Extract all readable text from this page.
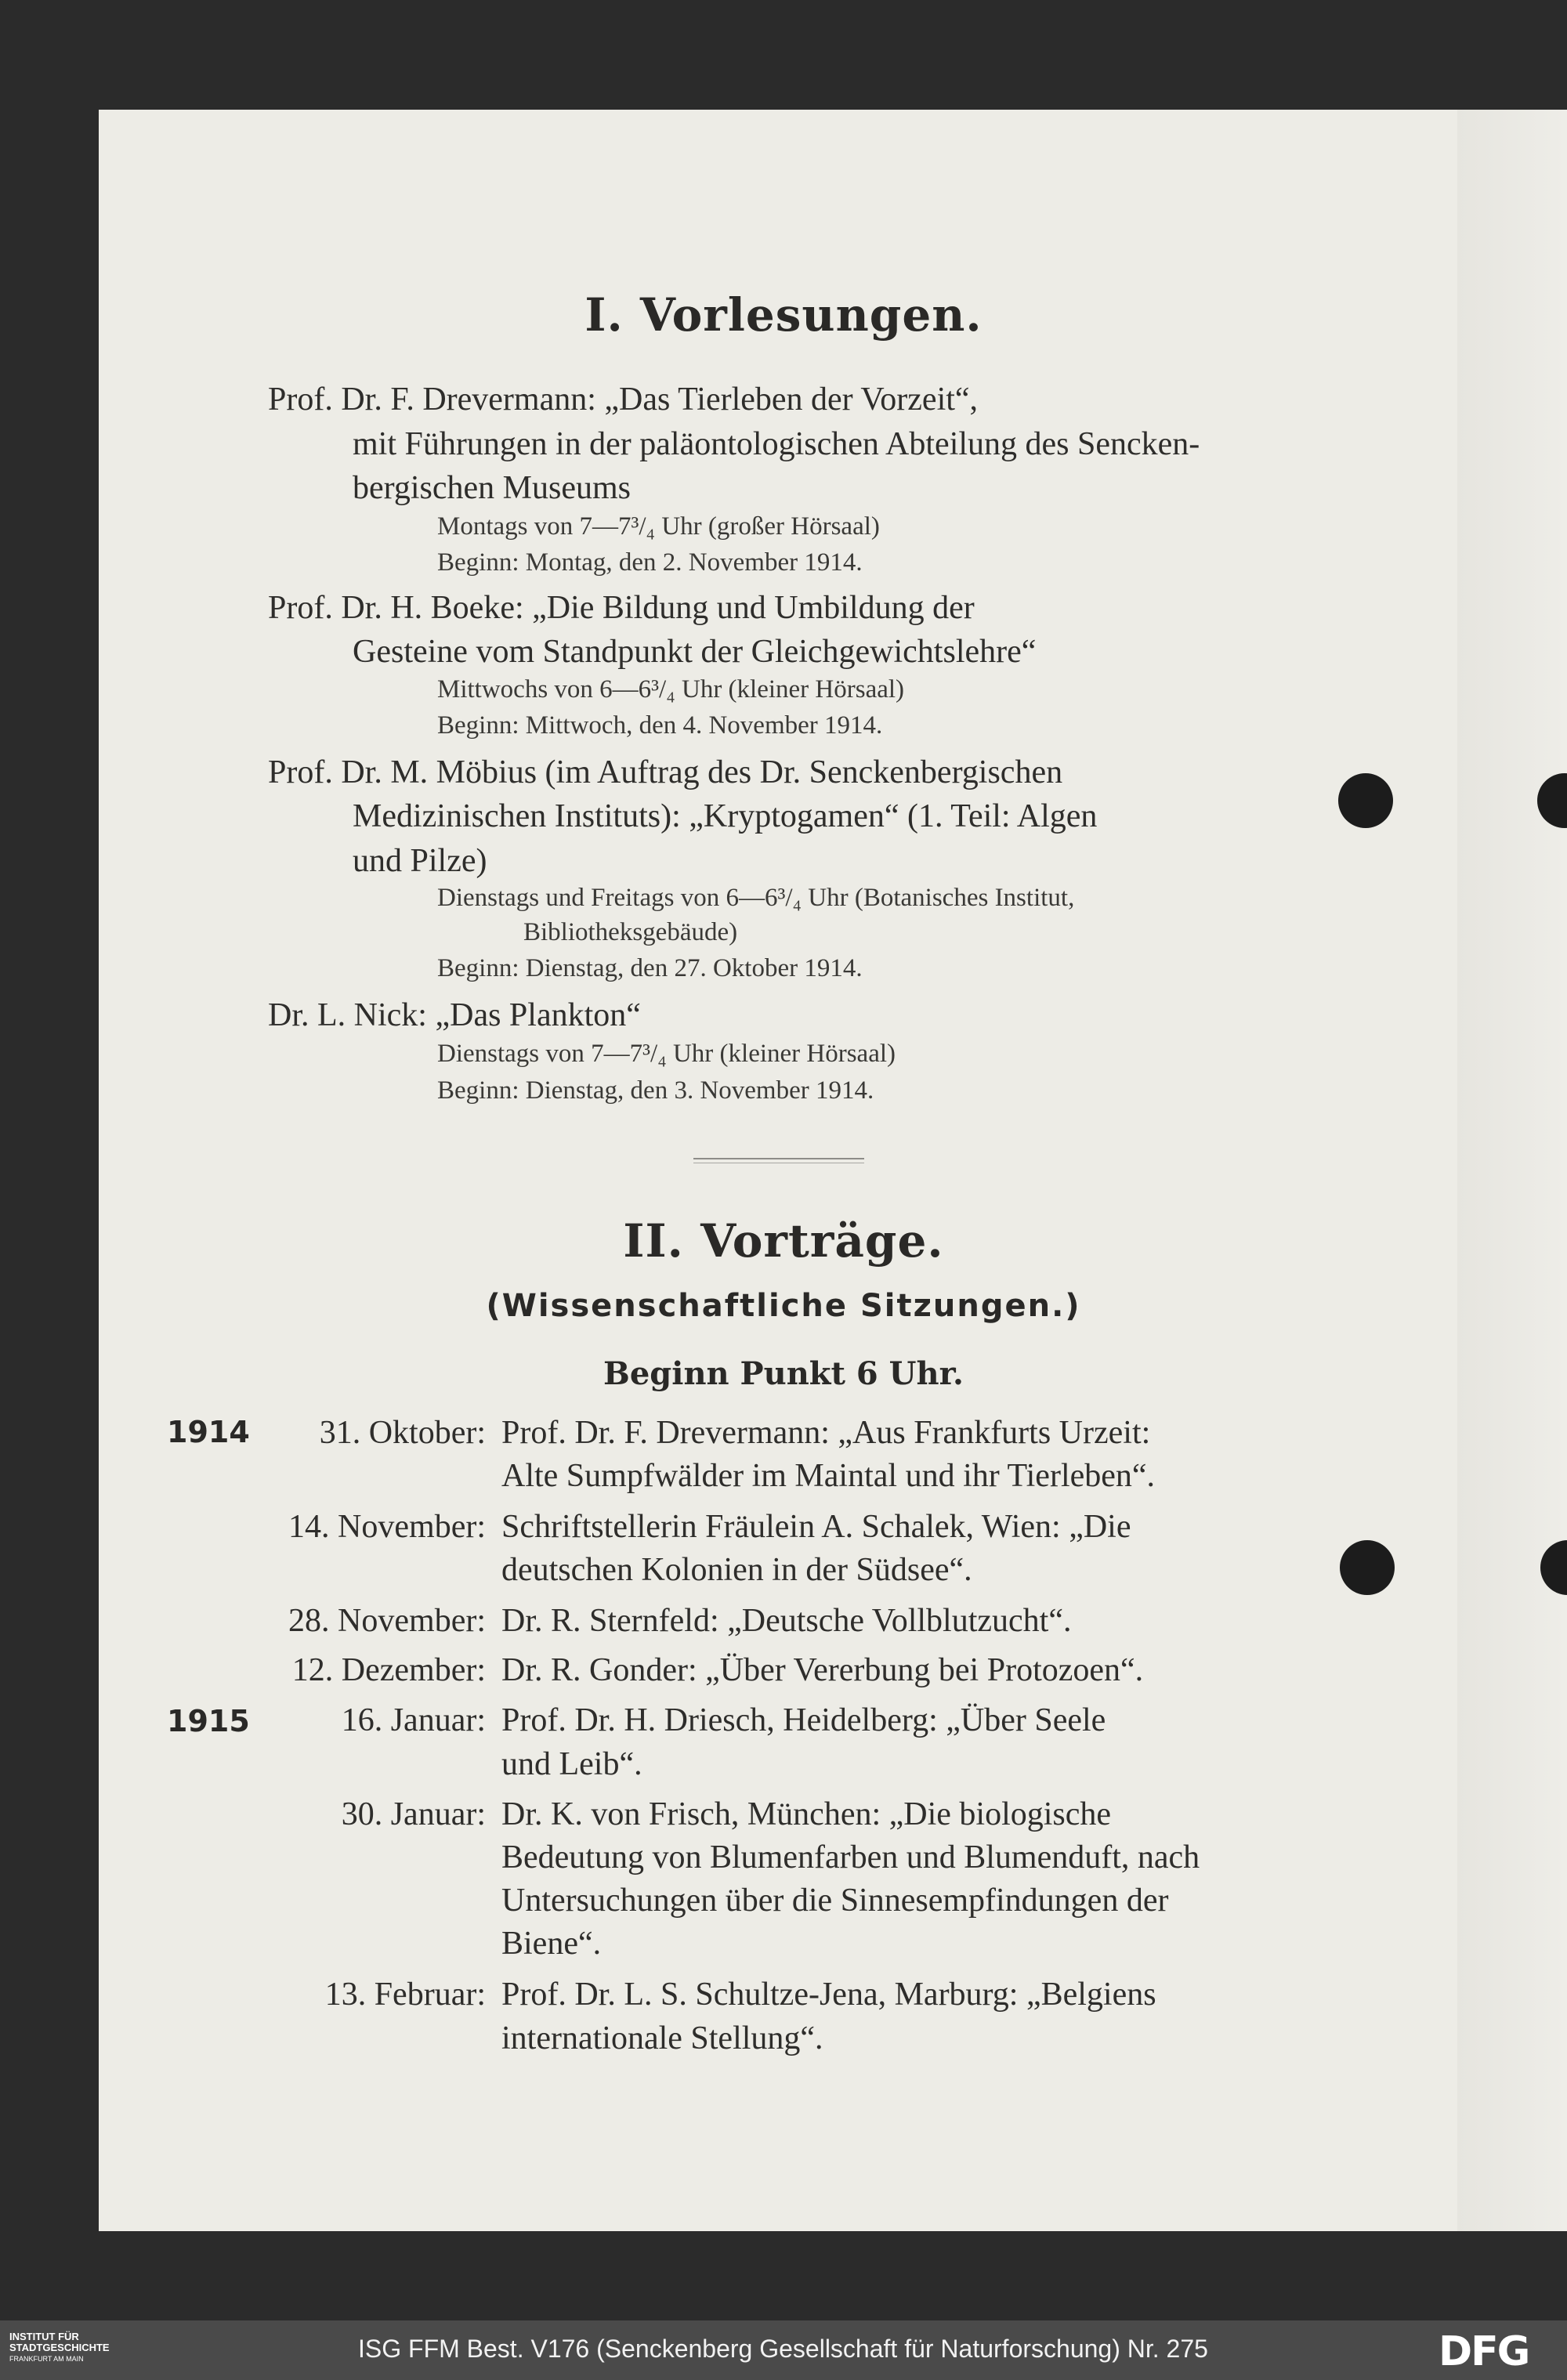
I. Vorlesungen.
Prof. Dr. F. Drevermann: „Das Tierleben der Vorzeit“,
mit Führungen in der paläontologischen Abteilung des Sencken-
bergischen Museums
Montags von 7—7³/₄ Uhr (großer Hörsaal)
Beginn: Montag, den 2. November 1914.
Prof. Dr. H. Boeke: „Die Bildung und Umbildung der
Gesteine vom Standpunkt der Gleichgewichtslehre“
Mittwochs von 6—6³/₄ Uhr (kleiner Hörsaal)
Beginn: Mittwoch, den 4. November 1914.
Prof. Dr. M. Möbius (im Auftrag des Dr. Senckenbergischen
Medizinischen Instituts): „Kryptogamen“ (1. Teil: Algen
und Pilze)
Dienstags und Freitags von 6—6³/₄ Uhr (Botanisches Institut,
Bibliotheksgebäude)
Beginn: Dienstag, den 27. Oktober 1914.
Dr. L. Nick: „Das Plankton“
Dienstags von 7—7³/₄ Uhr (kleiner Hörsaal)
Beginn: Dienstag, den 3. November 1914.
II. Vorträge.
(Wissenschaftliche Sitzungen.)
Beginn Punkt 6 Uhr.
1914
1915
31. Oktober: Prof. Dr. F. Drevermann: „Aus Frankfurts Urzeit:
Alte Sumpfwälder im Maintal und ihr Tierleben“.
14. November: Schriftstellerin Fräulein A. Schalek, Wien: „Die
deutschen Kolonien in der Südsee“.
28. November: Dr. R. Sternfeld: „Deutsche Vollblutzucht“.
12. Dezember: Dr. R. Gonder: „Über Vererbung bei Protozoen“.
16. Januar: Prof. Dr. H. Driesch, Heidelberg: „Über Seele
und Leib“.
30. Januar: Dr. K. von Frisch, München: „Die biologische
Bedeutung von Blumenfarben und Blumenduft, nach
Untersuchungen über die Sinnesempfindungen der
Biene“.
13. Februar: Prof. Dr. L. S. Schultze-Jena, Marburg: „Belgiens
internationale Stellung“.
INSTITUT FÜR
STADTGESCHICHTE
FRANKFURT AM MAIN	ISG FFM Best. V176 (Senckenberg Gesellschaft für Naturforschung) Nr. 275	DFG
